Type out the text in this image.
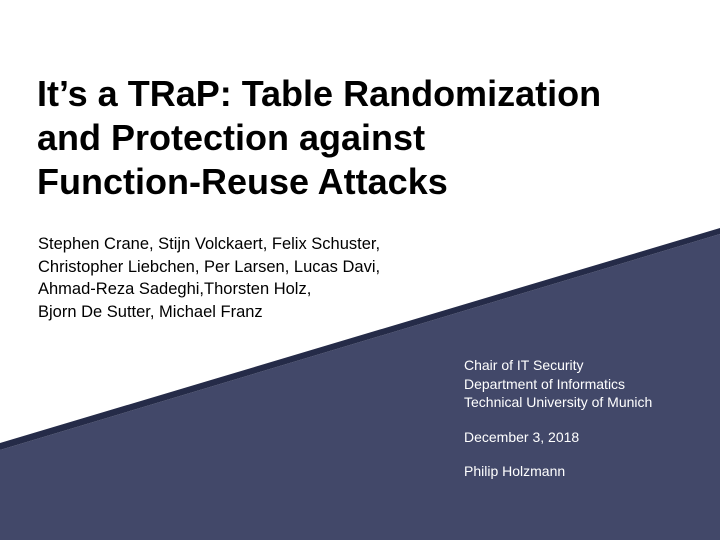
It’s a TRaP: Table Randomization
and Protection against
Function-Reuse Attacks
Stephen Crane, Stijn Volckaert, Felix Schuster,
Christopher Liebchen, Per Larsen, Lucas Davi,
Ahmad-Reza Sadeghi,Thorsten Holz,
Bjorn De Sutter, Michael Franz
Chair of IT Security
Department of Informatics
Technical University of Munich
December 3, 2018
Philip Holzmann
